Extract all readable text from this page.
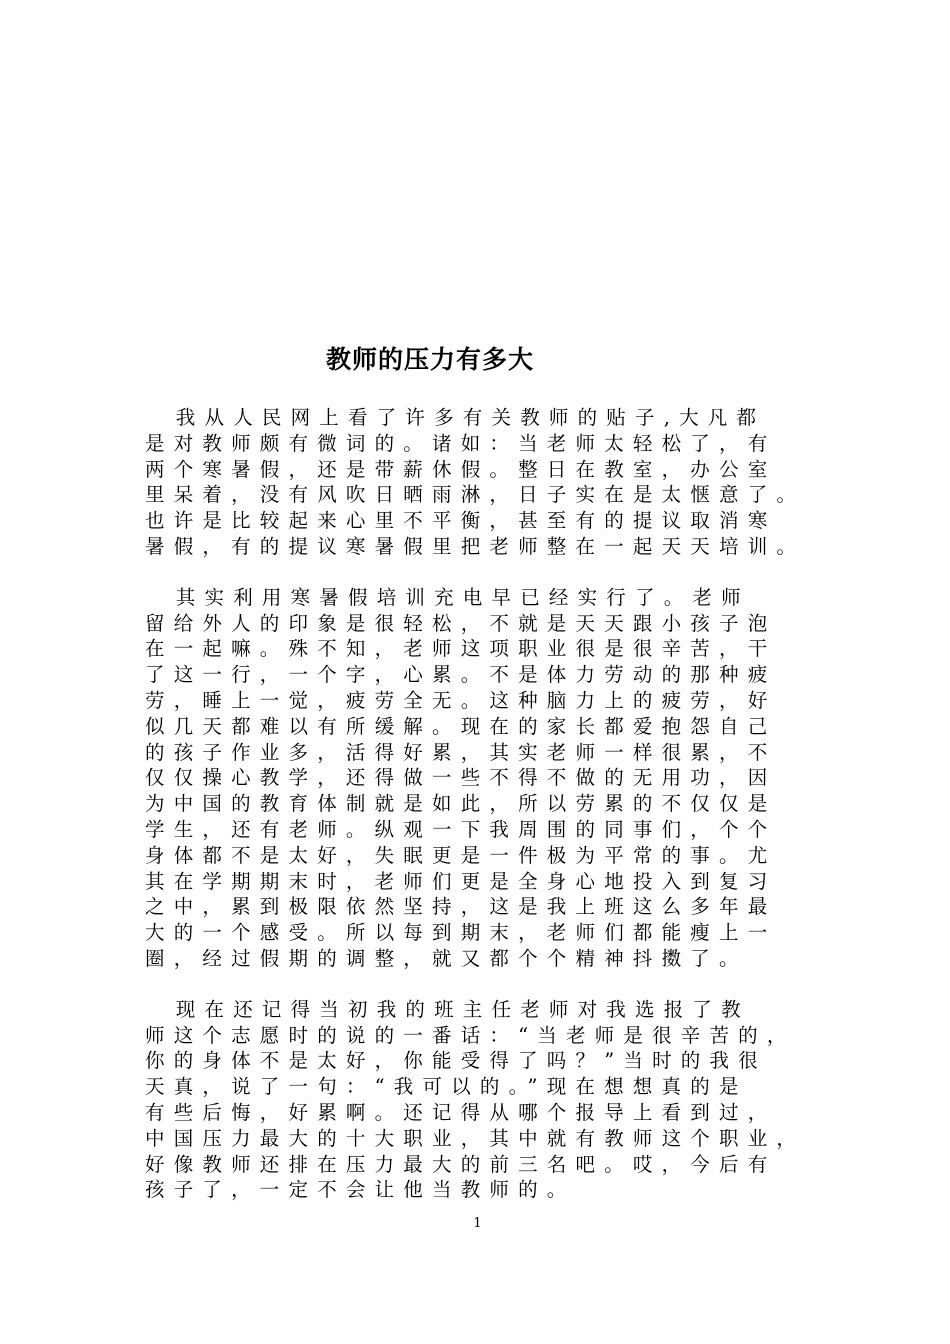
教师的压力有多大
我从人民网上看了许多有关教师的贴子,大凡都
是对教师颇有微词的。诸如：当老师太轻松了，有
两个寒暑假，还是带薪休假。整日在教室，办公室
里呆着，没有风吹日晒雨淋，日子实在是太惬意了。
也许是比较起来心里不平衡，甚至有的提议取消寒
暑假，有的提议寒暑假里把老师整在一起天天培训。
其实利用寒暑假培训充电早已经实行了。老师
留给外人的印象是很轻松，不就是天天跟小孩子泡
在一起嘛。殊不知，老师这项职业很是很辛苦，干
了这一行，一个字，心累。不是体力劳动的那种疲
劳，睡上一觉，疲劳全无。这种脑力上的疲劳，好
似几天都难以有所缓解。现在的家长都爱抱怨自己
的孩子作业多，活得好累，其实老师一样很累，不
仅仅操心教学，还得做一些不得不做的无用功，因
为中国的教育体制就是如此，所以劳累的不仅仅是
学生，还有老师。纵观一下我周围的同事们，个个
身体都不是太好，失眠更是一件极为平常的事。尤
其在学期期末时，老师们更是全身心地投入到复习
之中，累到极限依然坚持，这是我上班这么多年最
大的一个感受。所以每到期末，老师们都能瘦上一
圈，经过假期的调整，就又都个个精神抖擞了。
现在还记得当初我的班主任老师对我选报了教
师这个志愿时的说的一番话：“当老师是很辛苦的，
你的身体不是太好，你能受得了吗？”当时的我很
天真，说了一句：“我可以的。”现在想想真的是
有些后悔，好累啊。还记得从哪个报导上看到过，
中国压力最大的十大职业，其中就有教师这个职业，
好像教师还排在压力最大的前三名吧。哎，今后有
孩子了，一定不会让他当教师的。
1
